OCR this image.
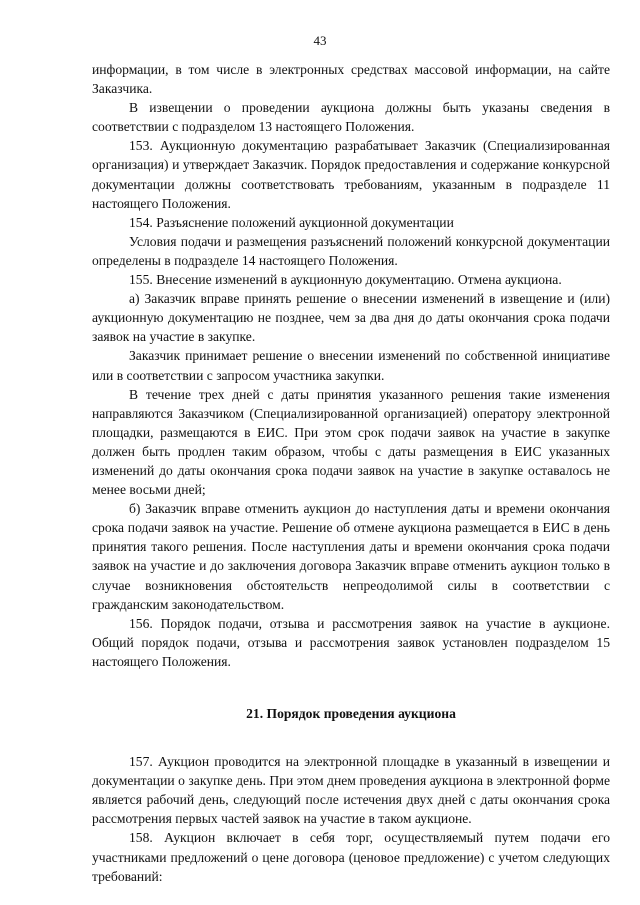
43

информации, в том числе в электронных средствах массовой информации, на сайте Заказчика.

В извещении о проведении аукциона должны быть указаны сведения в соответствии с подразделом 13 настоящего Положения.

153. Аукционную документацию разрабатывает Заказчик (Специализированная организация) и утверждает Заказчик. Порядок предоставления и содержание конкурсной документации должны соответствовать требованиям, указанным в подразделе 11 настоящего Положения.

154. Разъяснение положений аукционной документации

Условия подачи и размещения разъяснений положений конкурсной документации определены в подразделе 14 настоящего Положения.

155. Внесение изменений в аукционную документацию. Отмена аукциона.

а) Заказчик вправе принять решение о внесении изменений в извещение и (или) аукционную документацию не позднее, чем за два дня до даты окончания срока подачи заявок на участие в закупке.

Заказчик принимает решение о внесении изменений по собственной инициативе или в соответствии с запросом участника закупки.

В течение трех дней с даты принятия указанного решения такие изменения направляются Заказчиком (Специализированной организацией) оператору электронной площадки, размещаются в ЕИС. При этом срок подачи заявок на участие в закупке должен быть продлен таким образом, чтобы с даты размещения в ЕИС указанных изменений до даты окончания срока подачи заявок на участие в закупке оставалось не менее восьми дней;

б) Заказчик вправе отменить аукцион до наступления даты и времени окончания срока подачи заявок на участие. Решение об отмене аукциона размещается в ЕИС в день принятия такого решения. После наступления даты и времени окончания срока подачи заявок на участие и до заключения договора Заказчик вправе отменить аукцион только в случае возникновения обстоятельств непреодолимой силы в соответствии с гражданским законодательством.

156. Порядок подачи, отзыва и рассмотрения заявок на участие в аукционе. Общий порядок подачи, отзыва и рассмотрения заявок установлен подразделом 15 настоящего Положения.

21. Порядок проведения аукциона

157. Аукцион проводится на электронной площадке в указанный в извещении и документации о закупке день. При этом днем проведения аукциона в электронной форме является рабочий день, следующий после истечения двух дней с даты окончания срока рассмотрения первых частей заявок на участие в таком аукционе.

158. Аукцион включает в себя торг, осуществляемый путем подачи его участниками предложений о цене договора (ценовое предложение) с учетом следующих требований:
